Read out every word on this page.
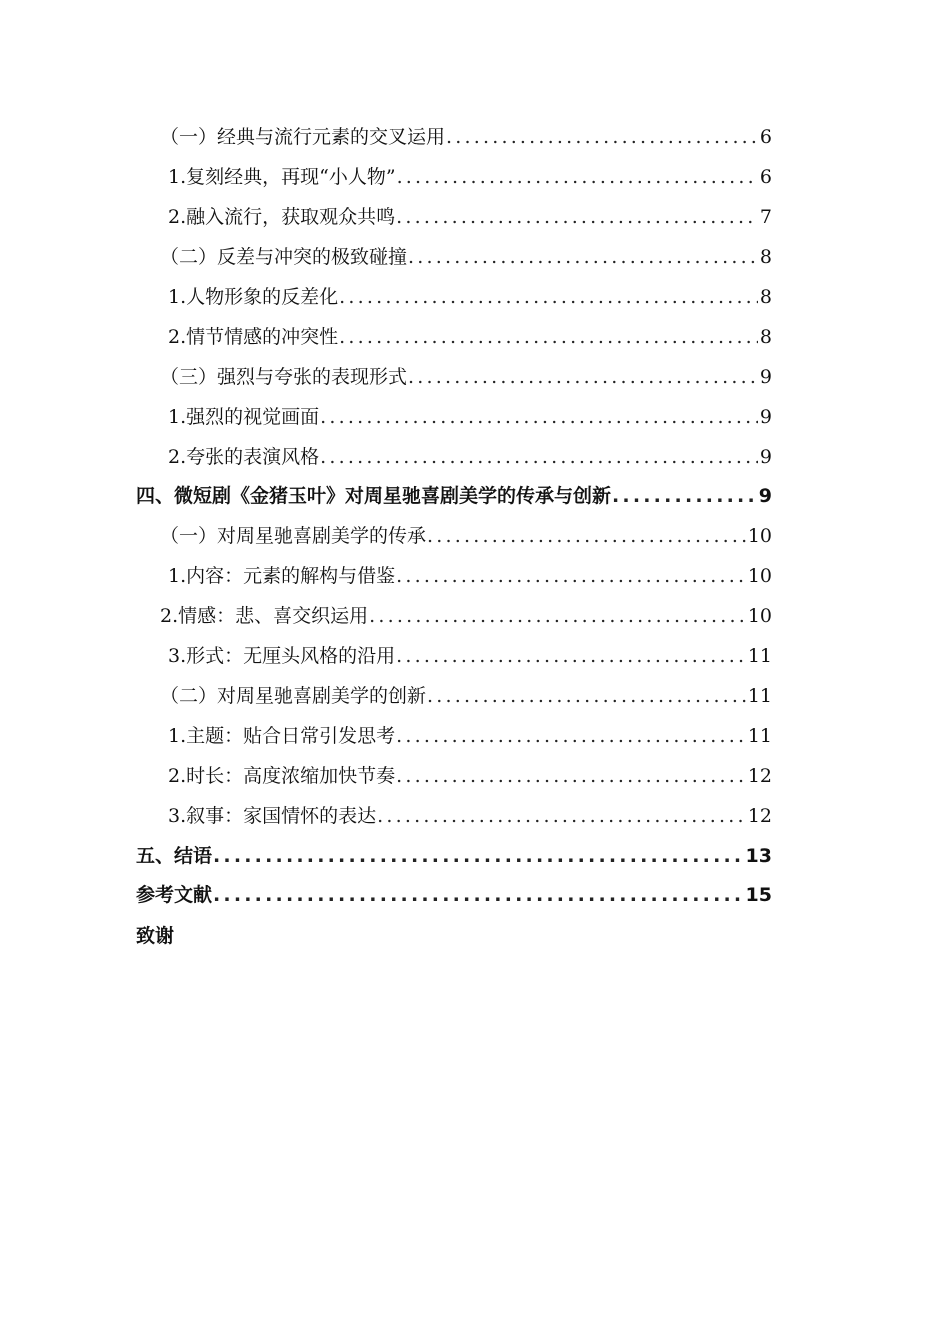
（一）经典与流行元素的交叉运用 .....	6
1.复刻经典，再现“小人物” .....	6
2.融入流行，获取观众共鸣 .....	7
（二）反差与冲突的极致碰撞 .....	8
1.人物形象的反差化 .....	8
2.情节情感的冲突性 .....	8
（三）强烈与夸张的表现形式 .....	9
1.强烈的视觉画面 .....	9
2.夸张的表演风格 .....	9
四、微短剧《金猪玉叶》对周星驰喜剧美学的传承与创新 .....	9
（一）对周星驰喜剧美学的传承 .....	10
1.内容：元素的解构与借鉴 .....	10
2.情感：悲、喜交织运用 .....	10
3.形式：无厘头风格的沿用 .....	11
（二）对周星驰喜剧美学的创新 .....	11
1.主题：贴合日常引发思考 .....	11
2.时长：高度浓缩加快节奏 .....	12
3.叙事：家国情怀的表达 .....	12
五、结语 .....	13
参考文献 .....	15
致谢
